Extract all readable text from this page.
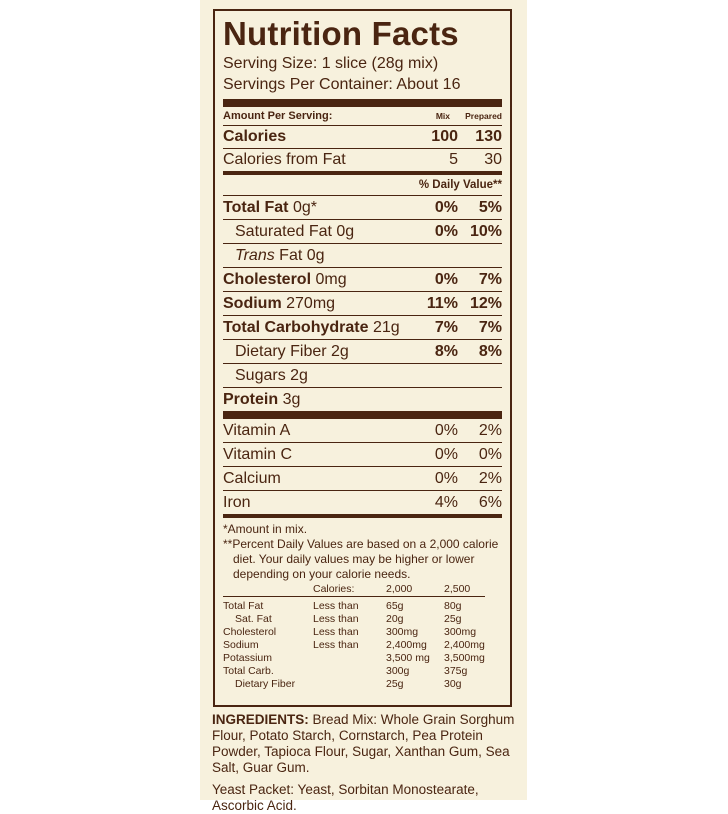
Nutrition Facts
Serving Size: 1 slice (28g mix)
Servings Per Container: About 16
Amount Per Serving:	Mix	Prepared
Calories	100	130
Calories from Fat	5	30
% Daily Value**
Total Fat 0g*	0%	5%
Saturated Fat 0g	0% 10%
Trans Fat 0g
Cholesterol 0mg	0%	7%
Sodium 270mg	11% 12%
Total Carbohydrate 21g	7%	7%
Dietary Fiber 2g	8%	8%
Sugars 2g
Protein 3g
Vitamin A	0%	2%
Vitamin C	0%	0%
Calcium	0%	2%
Iron	4%	6%
*Amount in mix.
**Percent Daily Values are based on a 2,000 calorie
diet. Your daily values may be higher or lower
depending on your calorie needs.
	Calories:	2,000	2,500

Total Fat	Less than	65g	80g
Sat. Fat	Less than	20g	25g
Cholesterol	Less than	300mg	300mg
Sodium	Less than	2,400mg	2,400mg
Potassium		3,500 mg	3,500mg
Total Carb.		300g	375g
Dietary Fiber		25g	30g

INGREDIENTS: Bread Mix: Whole Grain Sorghum Flour, Potato Starch, Cornstarch, Pea Protein Powder, Tapioca Flour, Sugar, Xanthan Gum, Sea Salt, Guar Gum.

Yeast Packet: Yeast, Sorbitan Monostearate, Ascorbic Acid.
